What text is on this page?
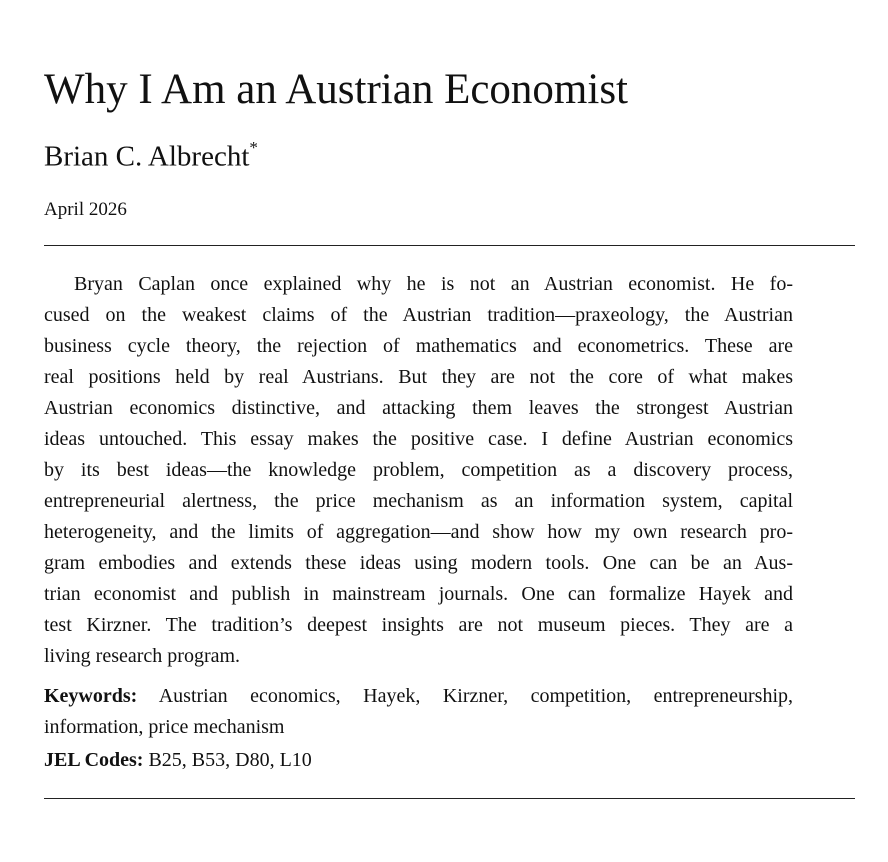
Why I Am an Austrian Economist
Brian C. Albrecht*
April 2026

Bryan Caplan once explained why he is not an Austrian economist. He fo-
cused on the weakest claims of the Austrian tradition—praxeology, the Austrian
business cycle theory, the rejection of mathematics and econometrics. These are
real positions held by real Austrians. But they are not the core of what makes
Austrian economics distinctive, and attacking them leaves the strongest Austrian
ideas untouched. This essay makes the positive case. I define Austrian economics
by its best ideas—the knowledge problem, competition as a discovery process,
entrepreneurial alertness, the price mechanism as an information system, capital
heterogeneity, and the limits of aggregation—and show how my own research pro-
gram embodies and extends these ideas using modern tools. One can be an Aus-
trian economist and publish in mainstream journals. One can formalize Hayek and
test Kirzner. The tradition’s deepest insights are not museum pieces. They are a
living research program.

Keywords: Austrian economics, Hayek, Kirzner, competition, entrepreneurship,
information, price mechanism
JEL Codes: B25, B53, D80, L10
